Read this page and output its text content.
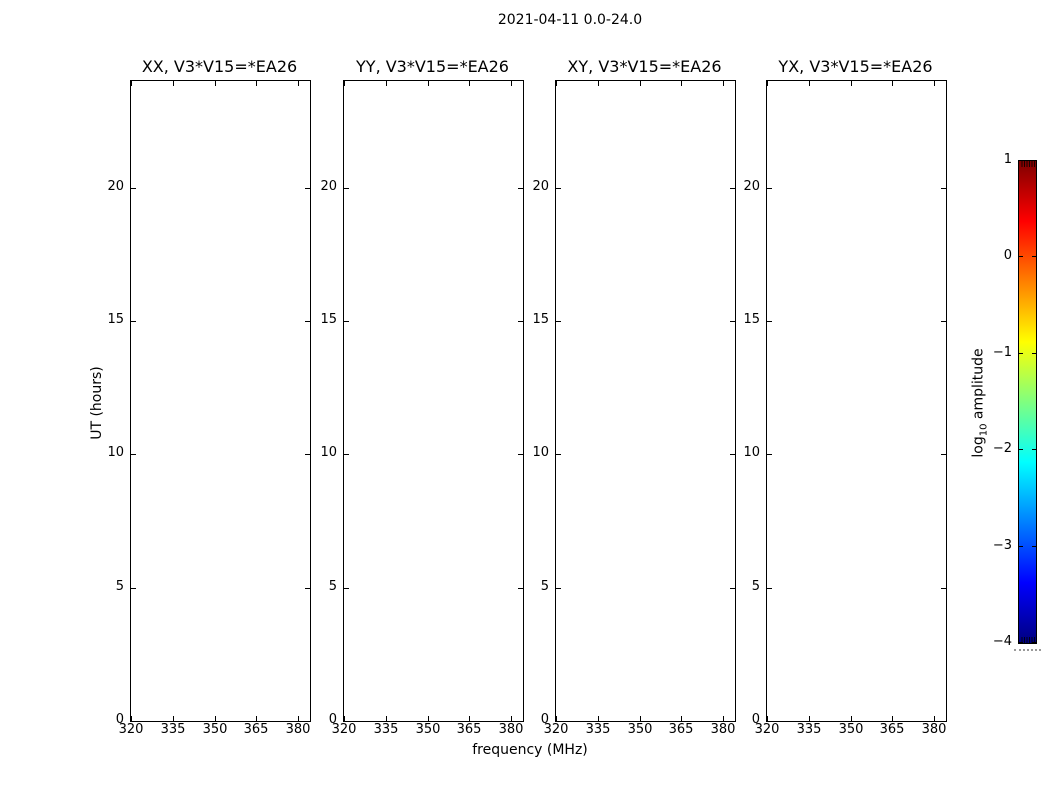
2021-04-11 0.0-24.0
XX, V3*V15=*EA26	YY, V3*V15=*EA26	XY, V3*V15=*EA26	YX, V3*V15=*EA26
UT (hours)
frequency (MHz)
$\log_{10}$ amplitude
320	335	350	365	380
0
5
10
15
20
320	335	350	365	380
0
5
10
15
20
320	335	350	365	380
0
5
10
15
20
320	335	350	365	380
0
5
10
15
20
1
0
−1
−2
−3
−4
